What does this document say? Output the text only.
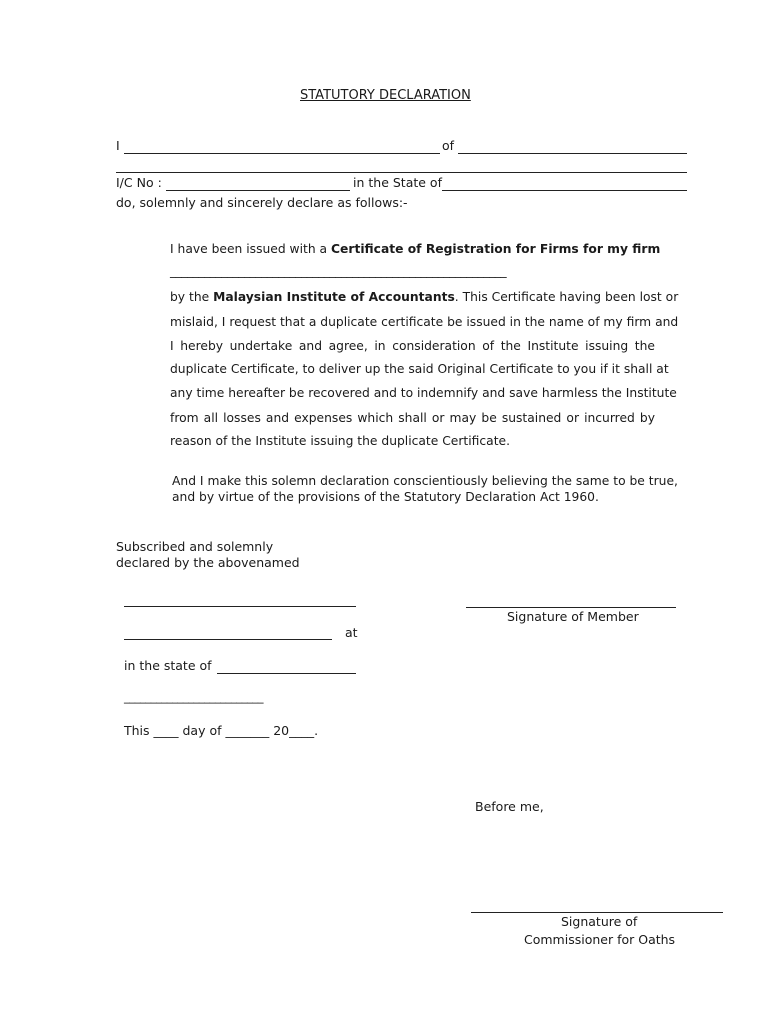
STATUTORY DECLARATION
I	of
I/C No :	in the State of
do, solemnly and sincerely declare as follows:-
I have been issued with a Certificate of Registration for Firms for my firm
___________________________________________________________
by the Malaysian Institute of Accountants. This Certificate having been lost or
mislaid, I request that a duplicate certificate be issued in the name of my firm and
I hereby undertake and agree, in consideration of the Institute issuing the
duplicate Certificate, to deliver up the said Original Certificate to you if it shall at
any time hereafter be recovered and to indemnify and save harmless the Institute
from all losses and expenses which shall or may be sustained or incurred by
reason of the Institute issuing the duplicate Certificate.
And I make this solemn declaration conscientiously believing the same to be true,
and by virtue of the provisions of the Statutory Declaration Act 1960.
Subscribed and solemnly
declared by the abovenamed
at
in the state of
__________________________
This ____ day of _______ 20____.
Signature of Member
Before me,
Signature of
Commissioner for Oaths
